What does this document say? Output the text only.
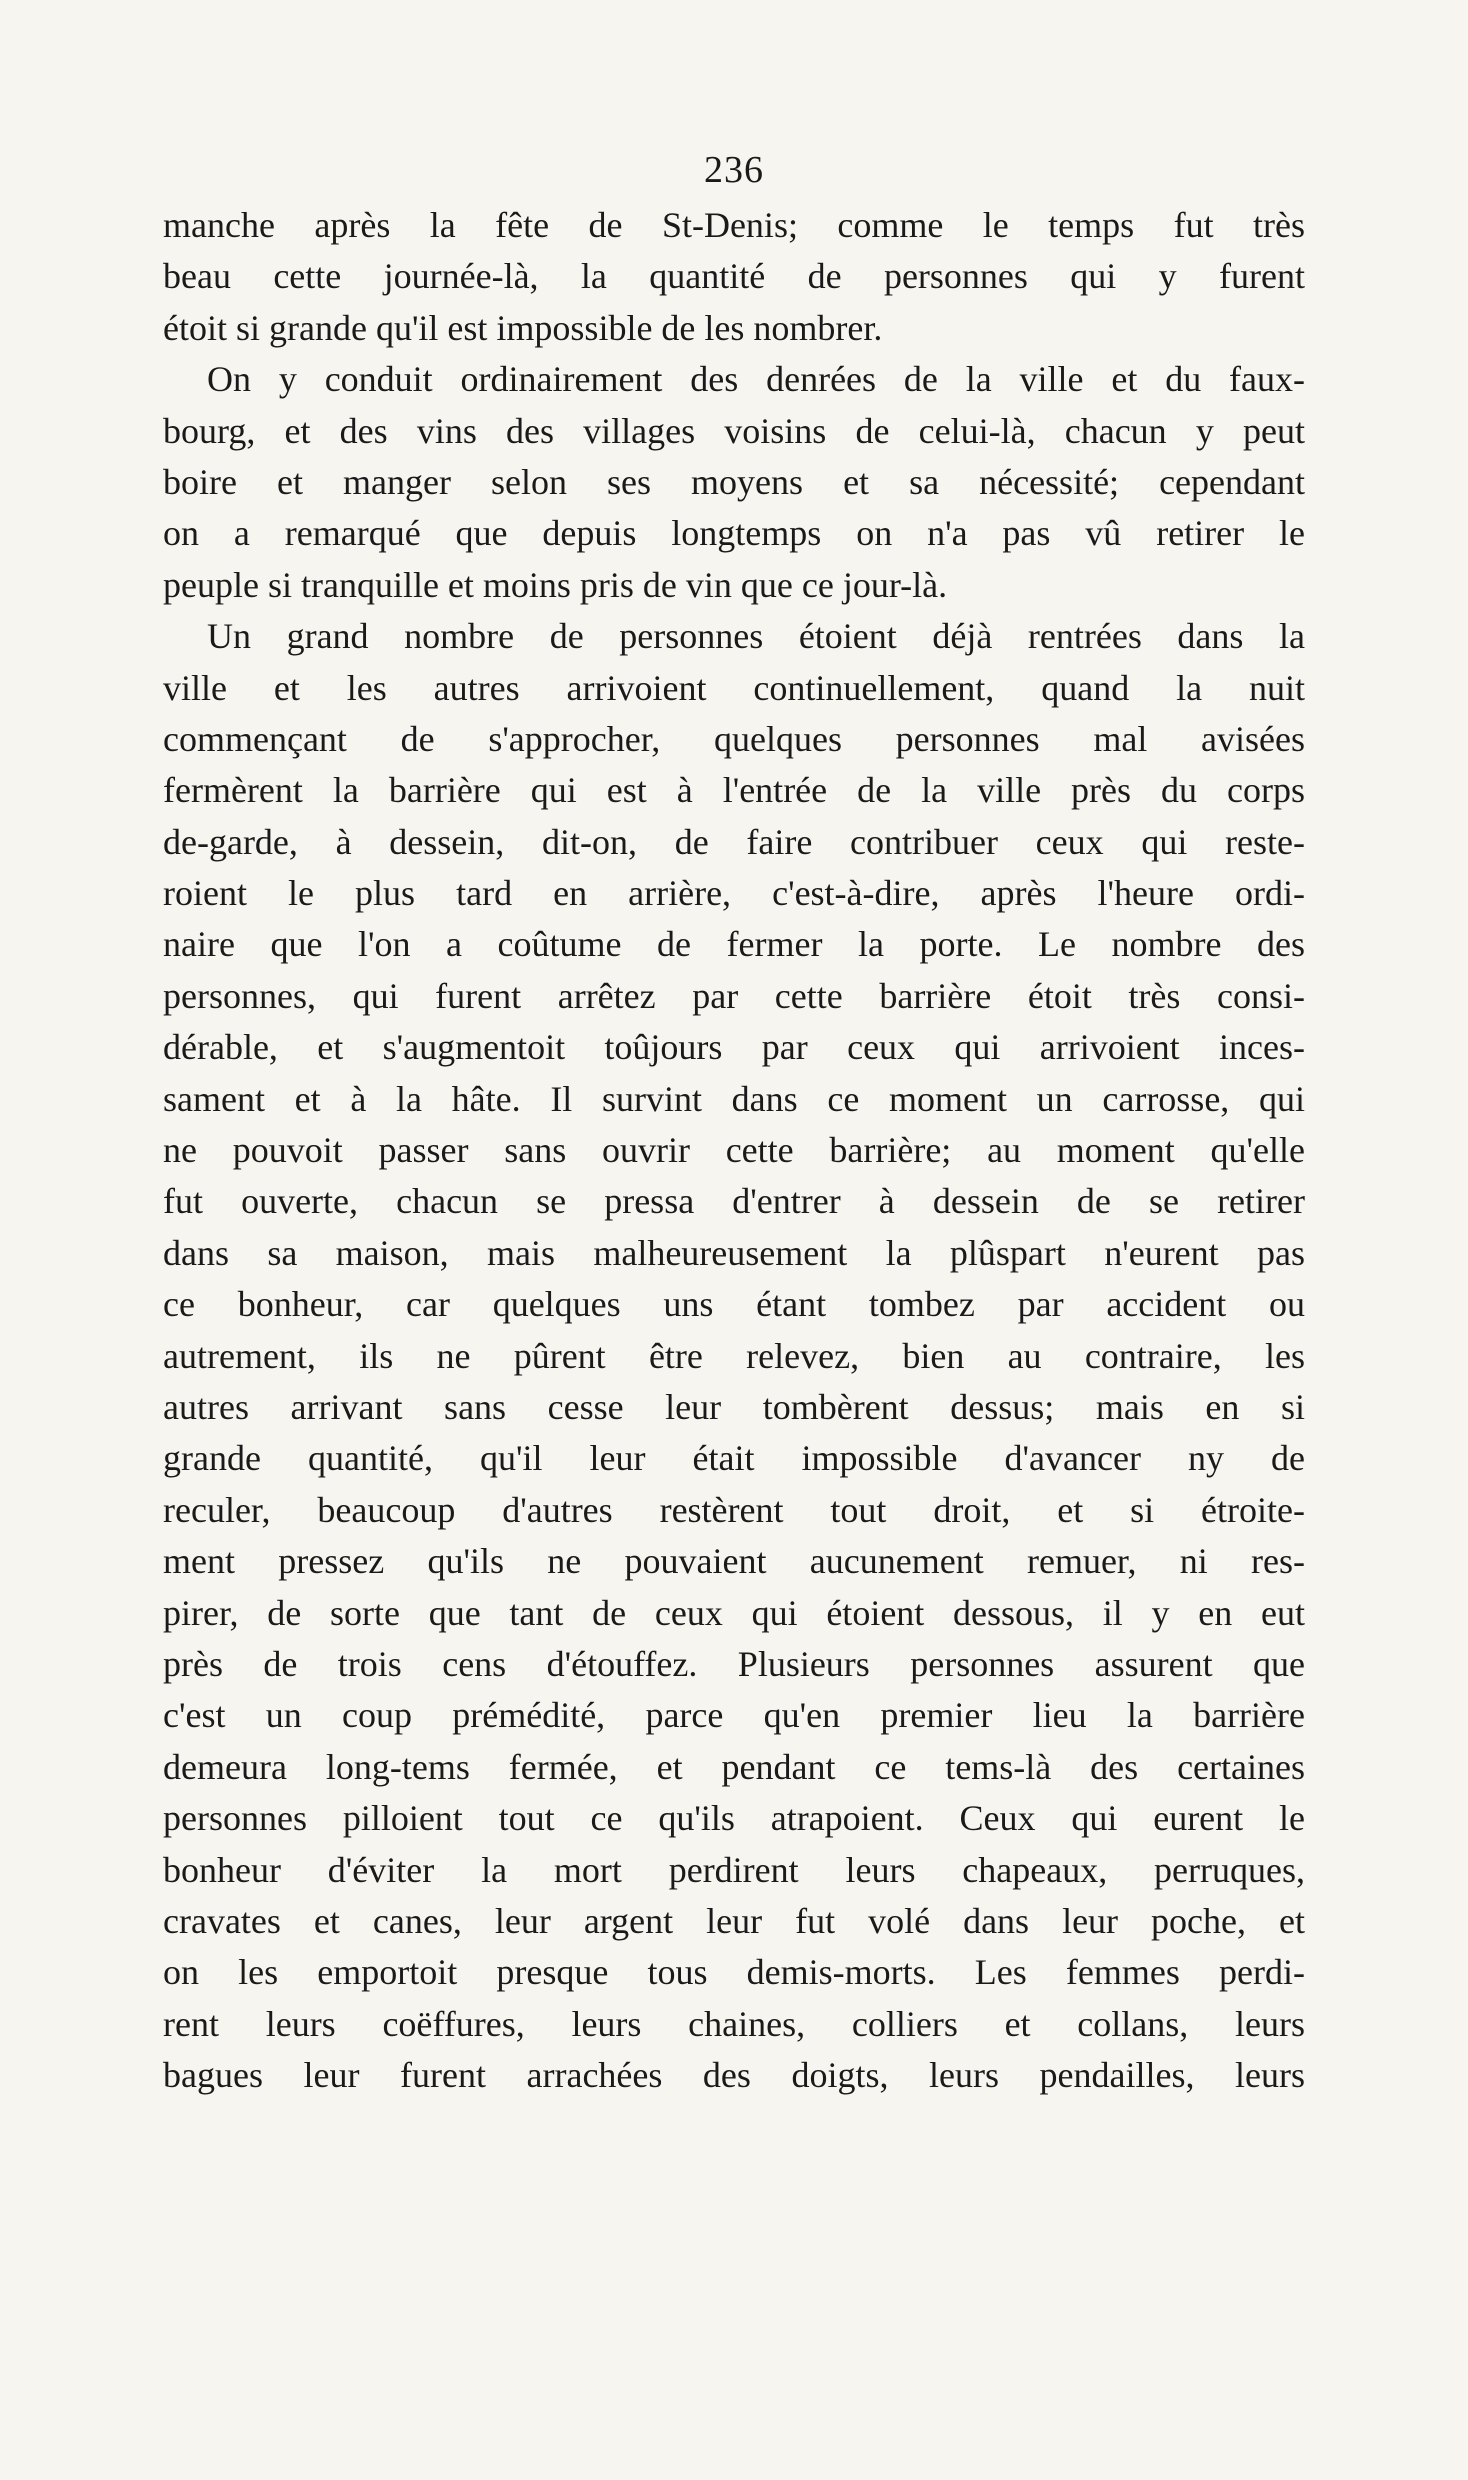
236
manche après la fête de St-Denis; comme le temps fut très
beau cette journée-là, la quantité de personnes qui y furent
étoit si grande qu'il est impossible de les nombrer.
On y conduit ordinairement des denrées de la ville et du faux-
bourg, et des vins des villages voisins de celui-là, chacun y peut
boire et manger selon ses moyens et sa nécessité; cependant
on a remarqué que depuis longtemps on n'a pas vû retirer le
peuple si tranquille et moins pris de vin que ce jour-là.
Un grand nombre de personnes étoient déjà rentrées dans la
ville et les autres arrivoient continuellement, quand la nuit
commençant de s'approcher, quelques personnes mal avisées
fermèrent la barrière qui est à l'entrée de la ville près du corps
de-garde, à dessein, dit-on, de faire contribuer ceux qui reste-
roient le plus tard en arrière, c'est-à-dire, après l'heure ordi-
naire que l'on a coûtume de fermer la porte. Le nombre des
personnes, qui furent arrêtez par cette barrière étoit très consi-
dérable, et s'augmentoit toûjours par ceux qui arrivoient inces-
sament et à la hâte. Il survint dans ce moment un carrosse, qui
ne pouvoit passer sans ouvrir cette barrière; au moment qu'elle
fut ouverte, chacun se pressa d'entrer à dessein de se retirer
dans sa maison, mais malheureusement la plûspart n'eurent pas
ce bonheur, car quelques uns étant tombez par accident ou
autrement, ils ne pûrent être relevez, bien au contraire, les
autres arrivant sans cesse leur tombèrent dessus; mais en si
grande quantité, qu'il leur était impossible d'avancer ny de
reculer, beaucoup d'autres restèrent tout droit, et si étroite-
ment pressez qu'ils ne pouvaient aucunement remuer, ni res-
pirer, de sorte que tant de ceux qui étoient dessous, il y en eut
près de trois cens d'étouffez. Plusieurs personnes assurent que
c'est un coup prémédité, parce qu'en premier lieu la barrière
demeura long-tems fermée, et pendant ce tems-là des certaines
personnes pilloient tout ce qu'ils atrapoient. Ceux qui eurent le
bonheur d'éviter la mort perdirent leurs chapeaux, perruques,
cravates et canes, leur argent leur fut volé dans leur poche, et
on les emportoit presque tous demis-morts. Les femmes perdi-
rent leurs coëffures, leurs chaines, colliers et collans, leurs
bagues leur furent arrachées des doigts, leurs pendailles, leurs
